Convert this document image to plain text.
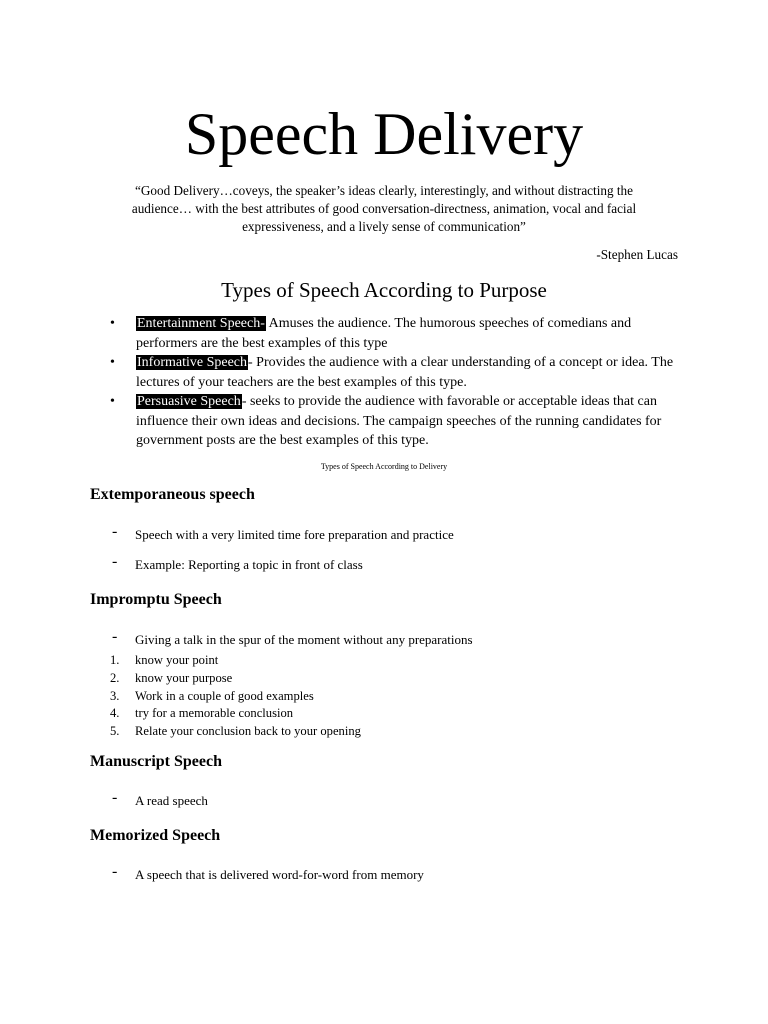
Speech Delivery
“Good Delivery…coveys, the speaker’s ideas clearly, interestingly, and without distracting the audience… with the best attributes of good conversation-directness, animation, vocal and facial expressiveness, and a lively sense of communication”
-Stephen Lucas
Types of Speech According to Purpose
• Entertainment Speech- Amuses the audience. The humorous speeches of comedians and performers are the best examples of this type
• Informative Speech- Provides the audience with a clear understanding of a concept or idea. The lectures of your teachers are the best examples of this type.
• Persuasive Speech- seeks to provide the audience with favorable or acceptable ideas that can influence their own ideas and decisions. The campaign speeches of the running candidates for government posts are the best examples of this type.
Types of Speech According to Delivery
Extemporaneous speech
- Speech with a very limited time fore preparation and practice
- Example: Reporting a topic in front of class
Impromptu Speech
- Giving a talk in the spur of the moment without any preparations
1. know your point
2. know your purpose
3. Work in a couple of good examples
4. try for a memorable conclusion
5. Relate your conclusion back to your opening
Manuscript Speech
- A read speech
Memorized Speech
- A speech that is delivered word-for-word from memory
